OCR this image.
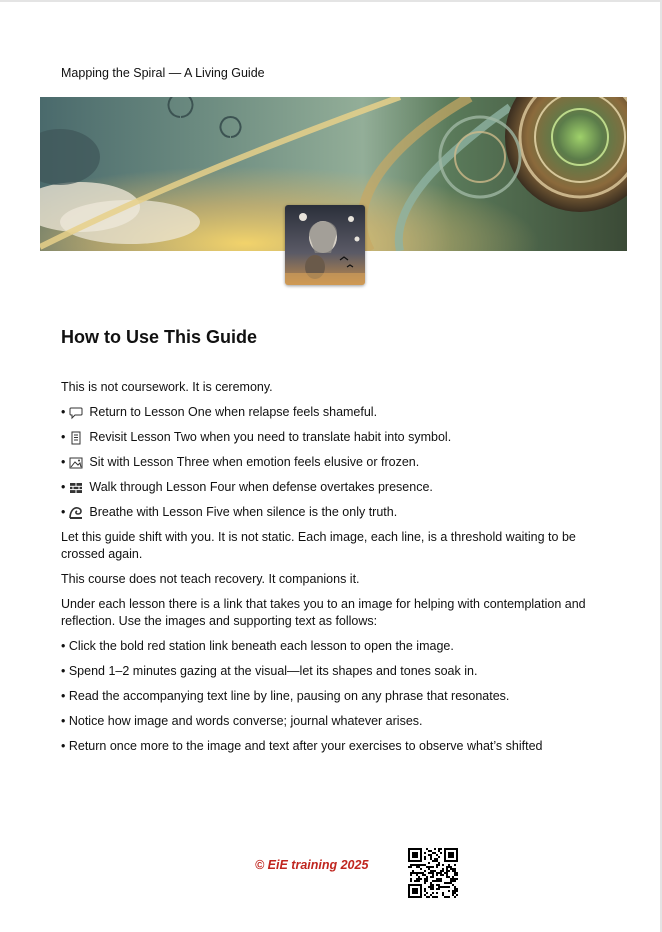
Mapping the Spiral — A Living Guide
How to Use This Guide

This is not coursework. It is ceremony.

• Return to Lesson One when relapse feels shameful.

• Revisit Lesson Two when you need to translate habit into symbol.

• Sit with Lesson Three when emotion feels elusive or frozen.

• Walk through Lesson Four when defense overtakes presence.

• Breathe with Lesson Five when silence is the only truth.

Let this guide shift with you. It is not static. Each image, each line, is a threshold waiting to be crossed again.

This course does not teach recovery. It companions it.

Under each lesson there is a link that takes you to an image for helping with contemplation and reflection. Use the images and supporting text as follows:

• Click the bold red station link beneath each lesson to open the image.

• Spend 1–2 minutes gazing at the visual—let its shapes and tones soak in.

• Read the accompanying text line by line, pausing on any phrase that resonates.

• Notice how image and words converse; journal whatever arises.

• Return once more to the image and text after your exercises to observe what’s shifted

© EiE training 2025
